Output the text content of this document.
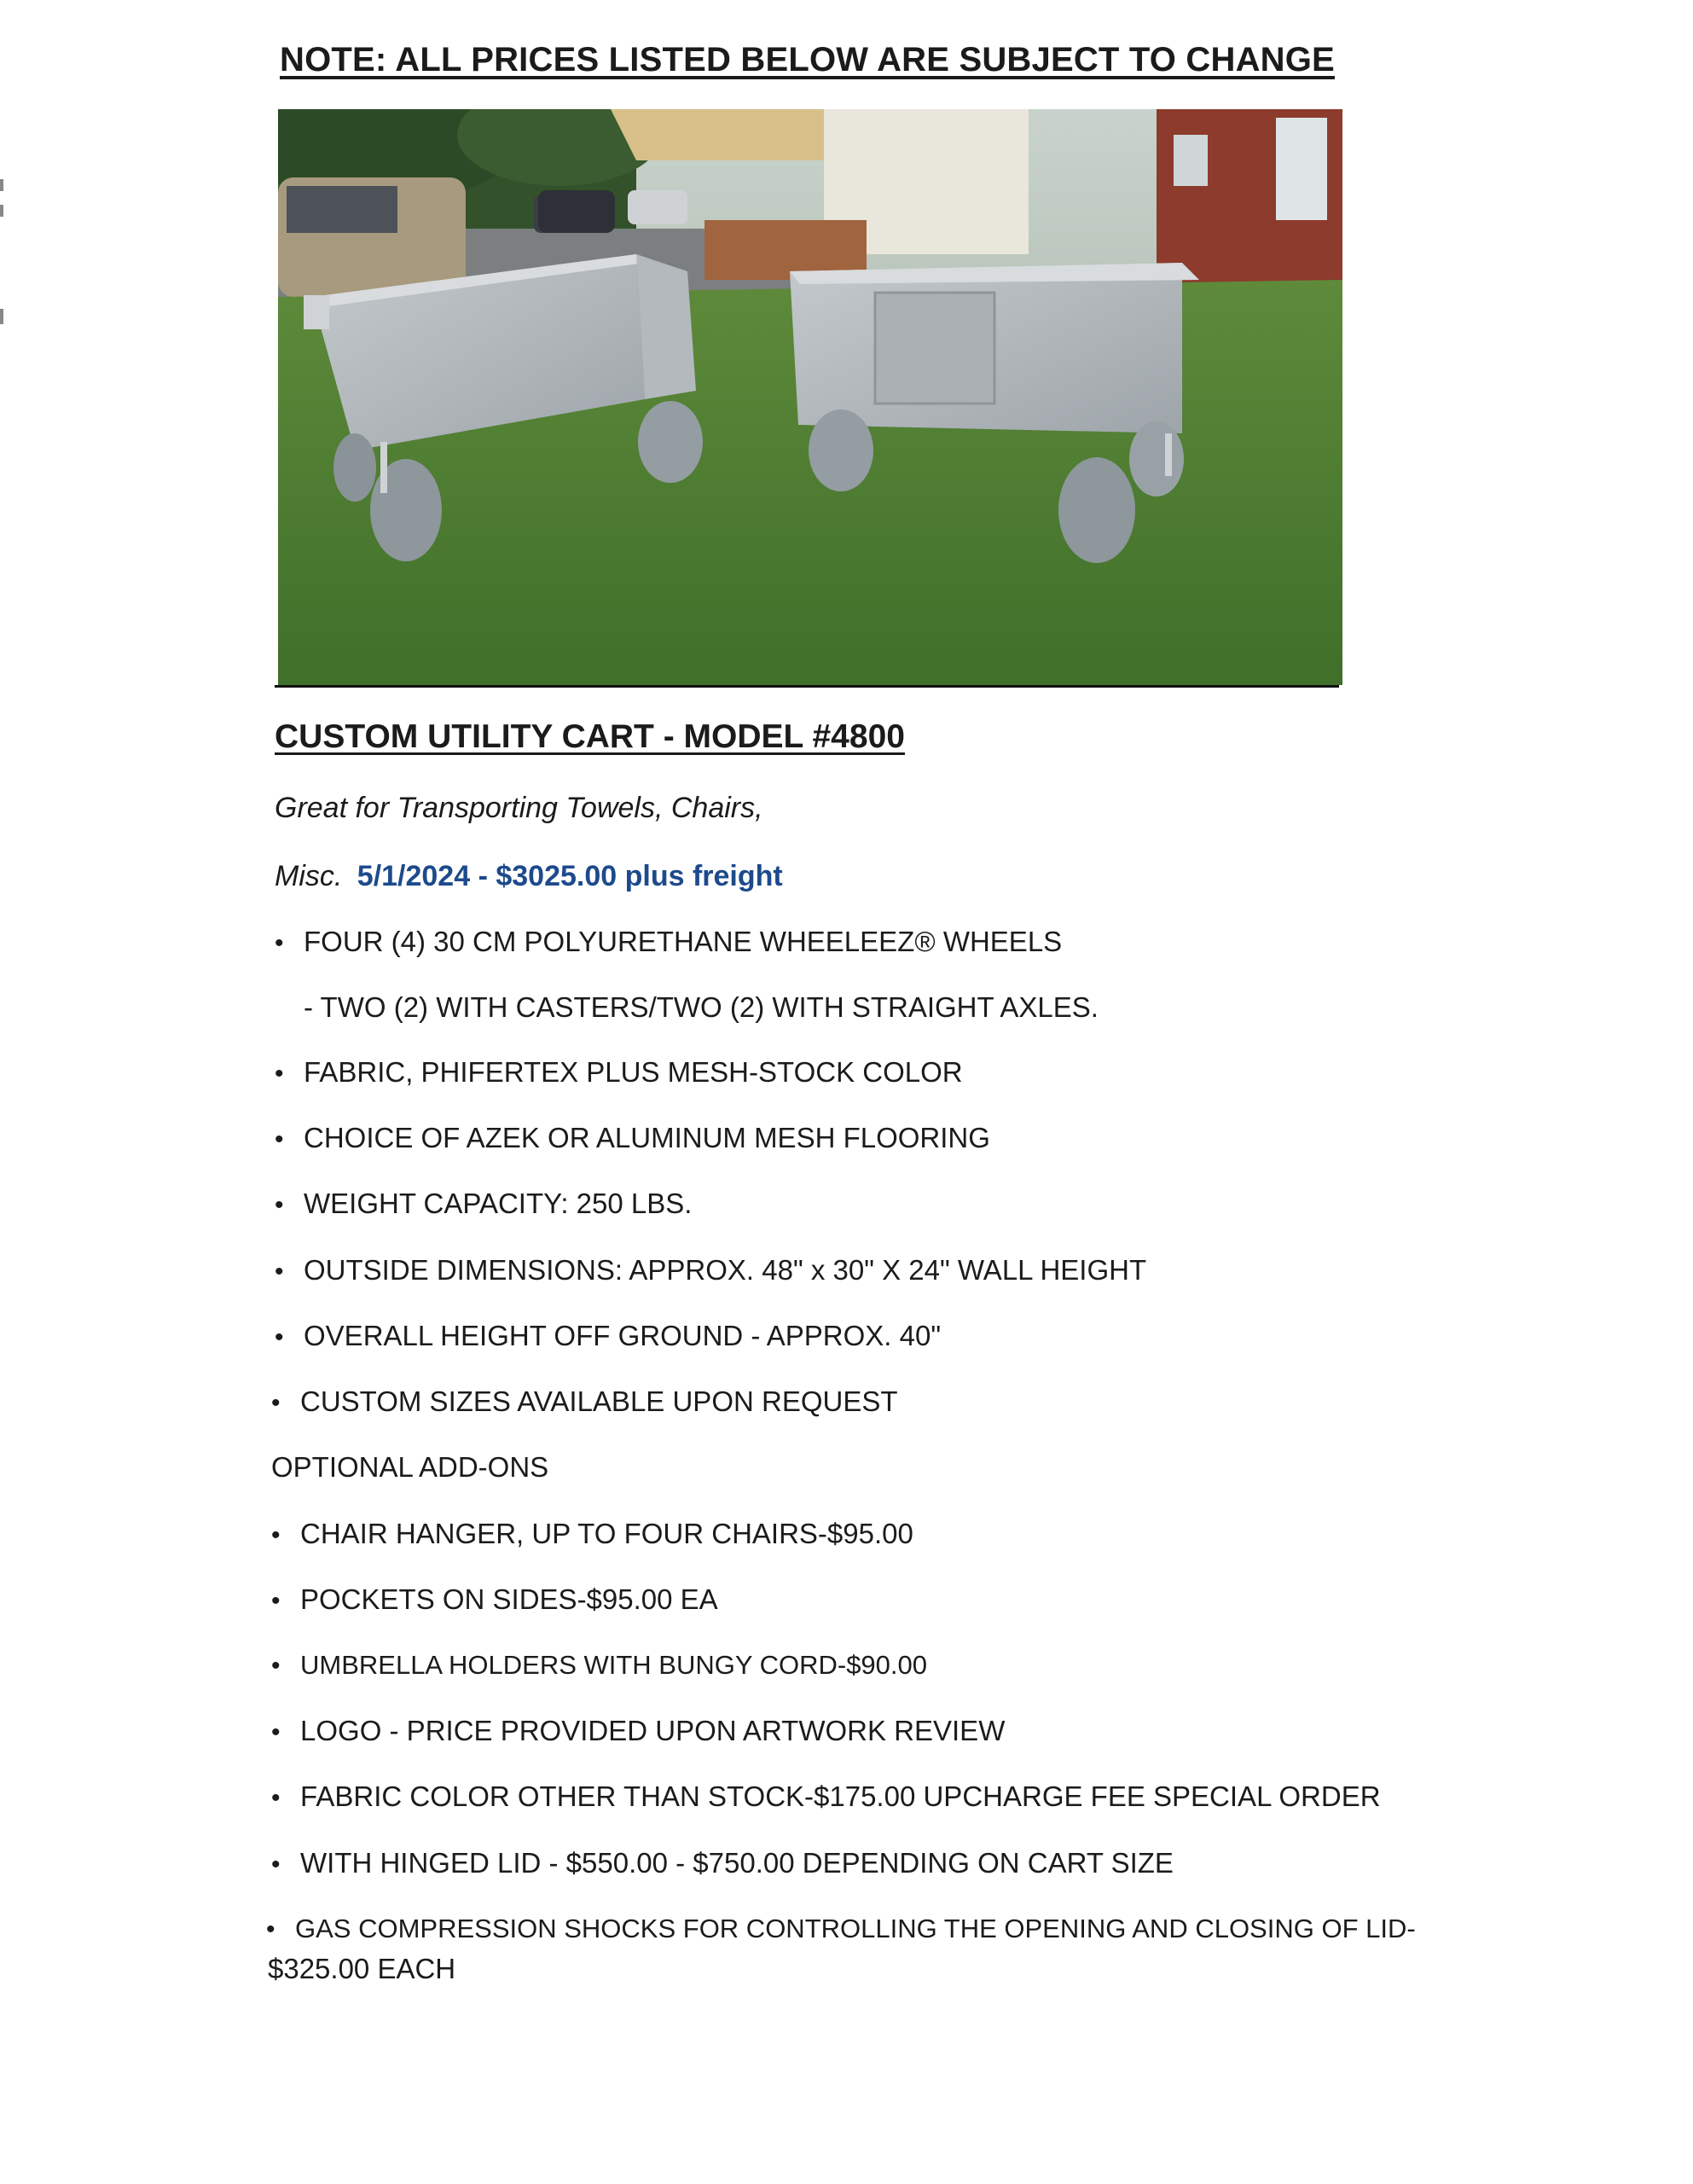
NOTE: ALL PRICES LISTED BELOW ARE SUBJECT TO CHANGE
CUSTOM UTILITY CART - MODEL #4800
Great for Transporting Towels, Chairs,
Misc. 5/1/2024 - $3025.00 plus freight
• FOUR (4) 30 CM POLYURETHANE WHEELEEZ® WHEELS
- TWO (2) WITH CASTERS/TWO (2) WITH STRAIGHT AXLES.
• FABRIC, PHIFERTEX PLUS MESH-STOCK COLOR
• CHOICE OF AZEK OR ALUMINUM MESH FLOORING
• WEIGHT CAPACITY: 250 LBS.
• OUTSIDE DIMENSIONS: APPROX. 48" x 30" X 24" WALL HEIGHT
• OVERALL HEIGHT OFF GROUND - APPROX. 40"
• CUSTOM SIZES AVAILABLE UPON REQUEST
OPTIONAL ADD-ONS
• CHAIR HANGER, UP TO FOUR CHAIRS-$95.00
• POCKETS ON SIDES-$95.00 EA
• UMBRELLA HOLDERS WITH BUNGY CORD-$90.00
• LOGO - PRICE PROVIDED UPON ARTWORK REVIEW
• FABRIC COLOR OTHER THAN STOCK-$175.00 UPCHARGE FEE SPECIAL ORDER
• WITH HINGED LID - $550.00 - $750.00 DEPENDING ON CART SIZE
• GAS COMPRESSION SHOCKS FOR CONTROLLING THE OPENING AND CLOSING OF LID-
$325.00 EACH
